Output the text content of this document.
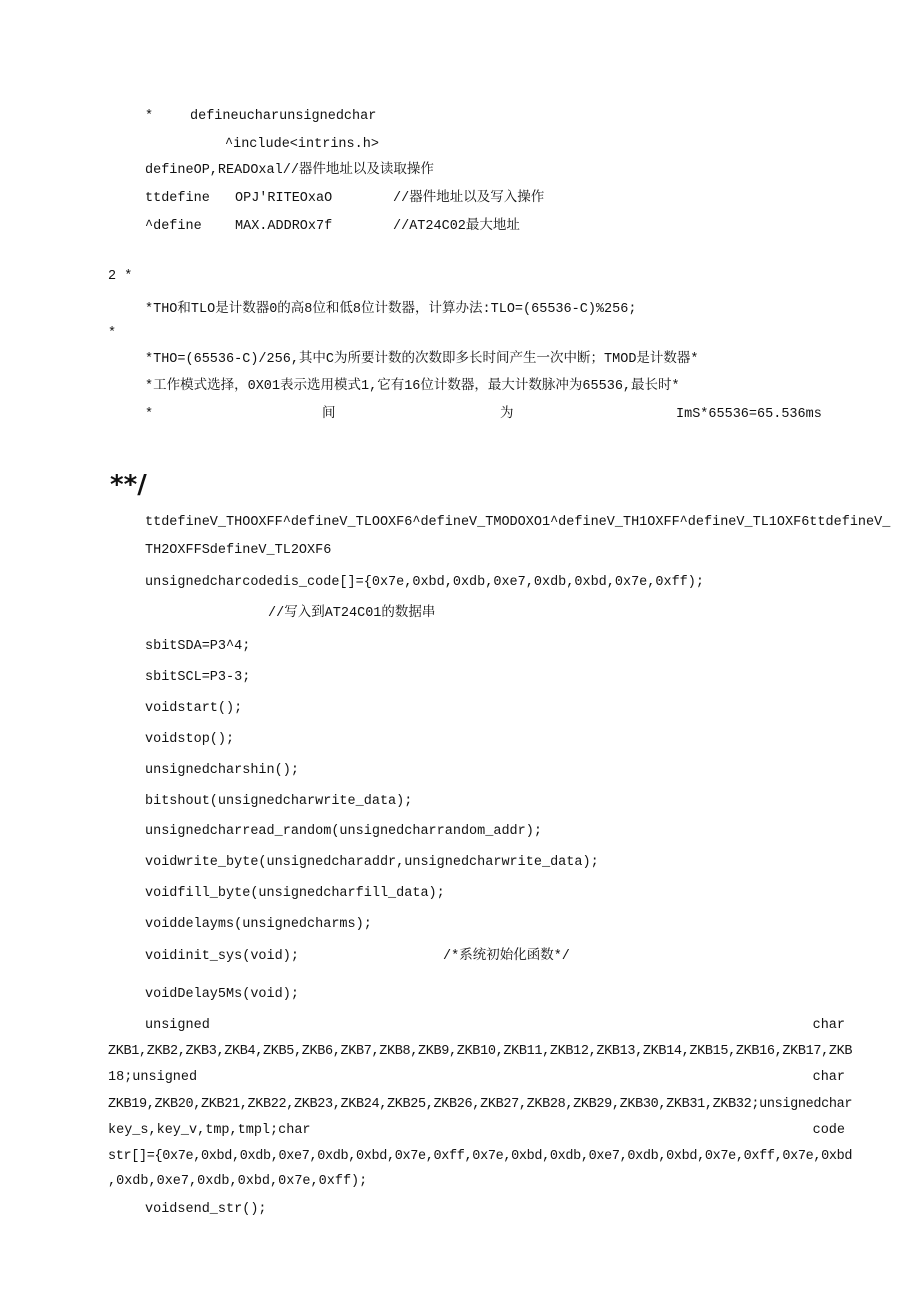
*	defineucharunsignedchar
^include<intrins.h>
defineOP,READOxal//器件地址以及读取操作
ttdefine OPJ'RITEOxaO	//器件地址以及写入操作
^define MAX.ADDROx7f	//AT24C02最大地址
2 *
*THO和TLO是计数器0的高8位和低8位计数器，计算办法:TLO=(65536-C)%256;
*
*THO=(65536-C)/256,其中C为所要计数的次数即多长时间产生一次中断；TMOD是计数器*
*工作模式选择，0X01表示选用模式1,它有16位计数器，最大计数脉冲为65536,最长时*
*	间	为	ImS*65536=65.536ms
**/
ttdefineV_THOOXFF^defineV_TLOOXF6^defineV_TMODOXO1^defineV_TH1OXFF^defineV_TL1OXF6ttdefineV_
TH2OXFFSdefineV_TL2OXF6
unsignedcharcodedis_code[]={0x7e,0xbd,0xdb,0xe7,0xdb,0xbd,0x7e,0xff);
//写入到AT24C01的数据串
sbitSDA=P3^4;
sbitSCL=P3-3;
voidstart();
voidstop();
unsignedcharshin();
bitshout(unsignedcharwrite_data);
unsignedcharread_random(unsignedcharrandom_addr);
voidwrite_byte(unsignedcharaddr,unsignedcharwrite_data);
voidfill_byte(unsignedcharfill_data);
voiddelayms(unsignedcharms);
voidinit_sys(void);	/*系统初始化函数*/
voidDelay5Ms(void);
unsigned	char
ZKB1,ZKB2,ZKB3,ZKB4,ZKB5,ZKB6,ZKB7,ZKB8,ZKB9,ZKB10,ZKB11,ZKB12,ZKB13,ZKB14,ZKB15,ZKB16,ZKB17,ZKB
18;unsigned	char
ZKB19,ZKB20,ZKB21,ZKB22,ZKB23,ZKB24,ZKB25,ZKB26,ZKB27,ZKB28,ZKB29,ZKB30,ZKB31,ZKB32;unsignedchar
key_s,key_v,tmp,tmpl;char	code
str[]={0x7e,0xbd,0xdb,0xe7,0xdb,0xbd,0x7e,0xff,0x7e,0xbd,0xdb,0xe7,0xdb,0xbd,0x7e,0xff,0x7e,0xbd
,0xdb,0xe7,0xdb,0xbd,0x7e,0xff);
voidsend_str();
